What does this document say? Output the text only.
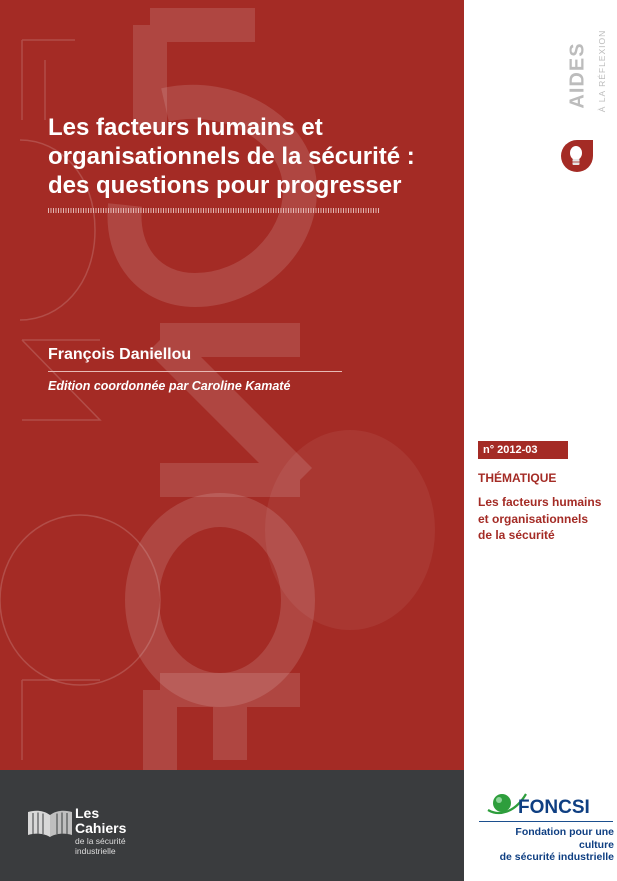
Les facteurs humains et
organisationnels de la sécurité :
des questions pour progresser
François Daniellou
Edition coordonnée par Caroline Kamaté
Les
Cahiers
de la sécurité
industrielle
AIDES À LA RÉFLEXION
n° 2012-03
THÉMATIQUE
Les facteurs humains
et organisationnels
de la sécurité
FONCSI
Fondation pour une culture
de sécurité industrielle
